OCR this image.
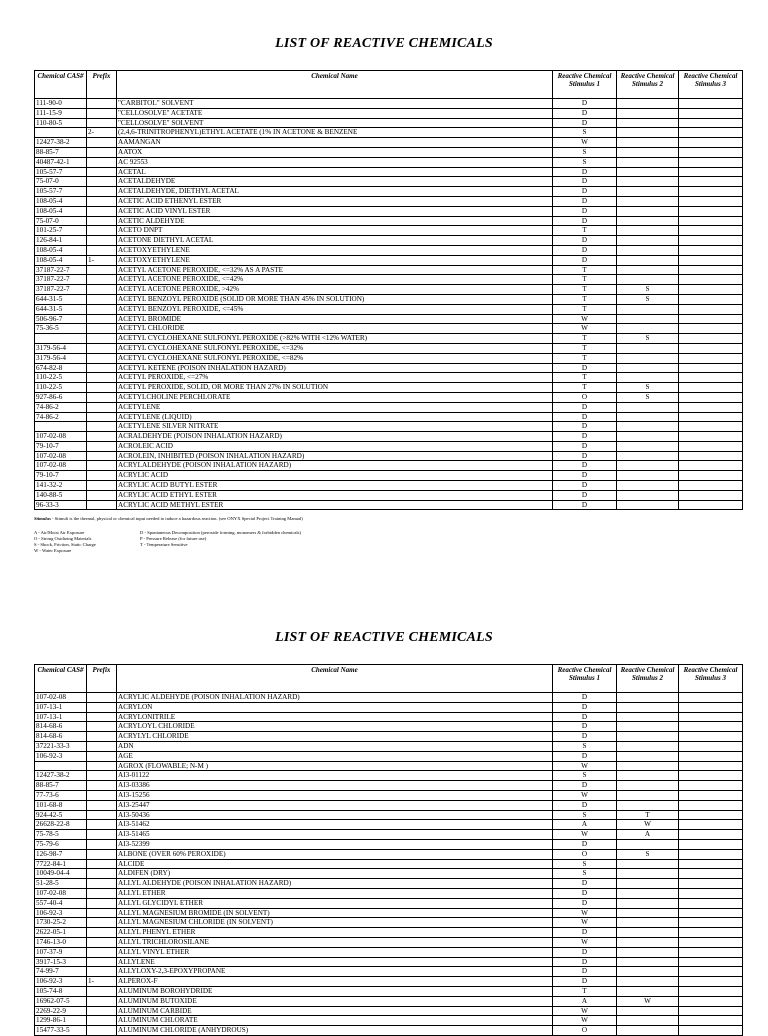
LIST OF REACTIVE CHEMICALS
Chemical CAS#	Prefix	Chemical Name	Reactive Chemical Stimulus 1	Reactive Chemical Stimulus 2	Reactive Chemical Stimulus 3
111-90-0		"CARBITOL" SOLVENT	D		
111-15-9		"CELLOSOLVE" ACETATE	D		
110-80-5		"CELLOSOLVE" SOLVENT	D		
	2-	(2,4,6-TRINITROPHENYL)ETHYL ACETATE (1% IN ACETONE & BENZENE	S		
12427-38-2		AAMANGAN	W		
88-85-7		AATOX	S		
40487-42-1		AC 92553	S		
105-57-7		ACETAL	D		
75-07-0		ACETALDEHYDE	D		
105-57-7		ACETALDEHYDE, DIETHYL ACETAL	D		
108-05-4		ACETIC ACID ETHENYL ESTER	D		
108-05-4		ACETIC ACID VINYL ESTER	D		
75-07-0		ACETIC ALDEHYDE	D		
101-25-7		ACETO DNPT	T		
126-84-1		ACETONE DIETHYL ACETAL	D		
108-05-4		ACETOXYETHYLENE	D		
108-05-4	1-	ACETOXYETHYLENE	D		
37187-22-7		ACETYL ACETONE PEROXIDE, <=32% AS A PASTE	T		
37187-22-7		ACETYL ACETONE PEROXIDE, <=42%	T		
37187-22-7		ACETYL ACETONE PEROXIDE, >42%	T	S	
644-31-5		ACETYL BENZOYL PEROXIDE (SOLID OR MORE THAN 45% IN SOLUTION)	T	S	
644-31-5		ACETYL BENZOYL PEROXIDE, <=45%	T		
506-96-7		ACETYL BROMIDE	W		
75-36-5		ACETYL CHLORIDE	W		
		ACETYL CYCLOHEXANE SULFONYL PEROXIDE (>82% WITH <12% WATER)	T	S	
3179-56-4		ACETYL CYCLOHEXANE SULFONYL PEROXIDE, <=32%	T		
3179-56-4		ACETYL CYCLOHEXANE SULFONYL PEROXIDE, <=82%	T		
674-82-8		ACETYL KETENE (POISON INHALATION HAZARD)	D		
110-22-5		ACETYL PEROXIDE, <=27%	T		
110-22-5		ACETYL PEROXIDE, SOLID, OR MORE THAN 27% IN SOLUTION	T	S	
927-86-6		ACETYLCHOLINE PERCHLORATE	O	S	
74-86-2		ACETYLENE	D		
74-86-2		ACETYLENE (LIQUID)	D		
		ACETYLENE SILVER NITRATE	D		
107-02-08		ACRALDEHYDE (POISON INHALATION HAZARD)	D		
79-10-7		ACROLEIC ACID	D		
107-02-08		ACROLEIN, INHIBITED (POISON INHALATION HAZARD)	D		
107-02-08		ACRYLALDEHYDE (POISON INHALATION HAZARD)	D		
79-10-7		ACRYLIC ACID	D		
141-32-2		ACRYLIC ACID BUTYL ESTER	D		
140-88-5		ACRYLIC ACID ETHYL ESTER	D		
96-33-3		ACRYLIC ACID METHYL ESTER	D		
Stimulus - Stimuli is the thermal, physical or chemical input needed to induce a hazardous reaction. (see ONYX Special Project Training Manual)
A - Air/Moist Air Exposure
O - Strong Oxidizing Materials
S - Shock, Friction, Static Charge
W - Water Exposure
D - Spontaneous Decomposition (peroxide forming, monomers & forbidden chemicals)
P - Pressure Release (for future use)
T - Temperature Sensitive
LIST OF REACTIVE CHEMICALS
Chemical CAS#	Prefix	Chemical Name	Reactive Chemical Stimulus 1	Reactive Chemical Stimulus 2	Reactive Chemical Stimulus 3
107-02-08		ACRYLIC ALDEHYDE (POISON INHALATION HAZARD)	D		
107-13-1		ACRYLON	D		
107-13-1		ACRYLONITRILE	D		
814-68-6		ACRYLOYL CHLORIDE	D		
814-68-6		ACRYLYL CHLORIDE	D		
37221-33-3		ADN	S		
106-92-3		AGE	D		
		AGROX (FLOWABLE; N-M )	W		
12427-38-2		AI3-01122	S		
88-85-7		AI3-03386	D		
77-73-6		AI3-15256	W		
101-68-8		AI3-25447	D		
924-42-5		AI3-50436	S	T	
26628-22-8		AI3-51462	A	W	
75-78-5		AI3-51465	W	A	
75-79-6		AI3-52399	D		
126-98-7		ALBONE (OVER 60% PEROXIDE)	O	S	
7722-84-1		ALCIDE	S		
10049-04-4		ALDIFEN (DRY)	S		
51-28-5		ALLYL ALDEHYDE (POISON INHALATION HAZARD)	D		
107-02-08		ALLYL ETHER	D		
557-40-4		ALLYL GLYCIDYL ETHER	D		
106-92-3		ALLYL MAGNESIUM BROMIDE (IN SOLVENT)	W		
1730-25-2		ALLYL MAGNESIUM CHLORIDE (IN SOLVENT)	W		
2622-05-1		ALLYL PHENYL ETHER	D		
1746-13-0		ALLYL TRICHLOROSILANE	W		
107-37-9		ALLYL VINYL ETHER	D		
3917-15-3		ALLYLENE	D		
74-99-7		ALLYLOXY-2,3-EPOXYPROPANE	D		
106-92-3	1-	ALPEROX-F	D		
105-74-8		ALUMINUM BOROHYDRIDE	T		
16962-07-5		ALUMINUM BUTOXIDE	A	W	
2269-22-9		ALUMINUM CARBIDE	W		
1299-86-1		ALUMINUM CHLORATE	W		
15477-33-5		ALUMINUM CHLORIDE (ANHYDROUS)	O		
